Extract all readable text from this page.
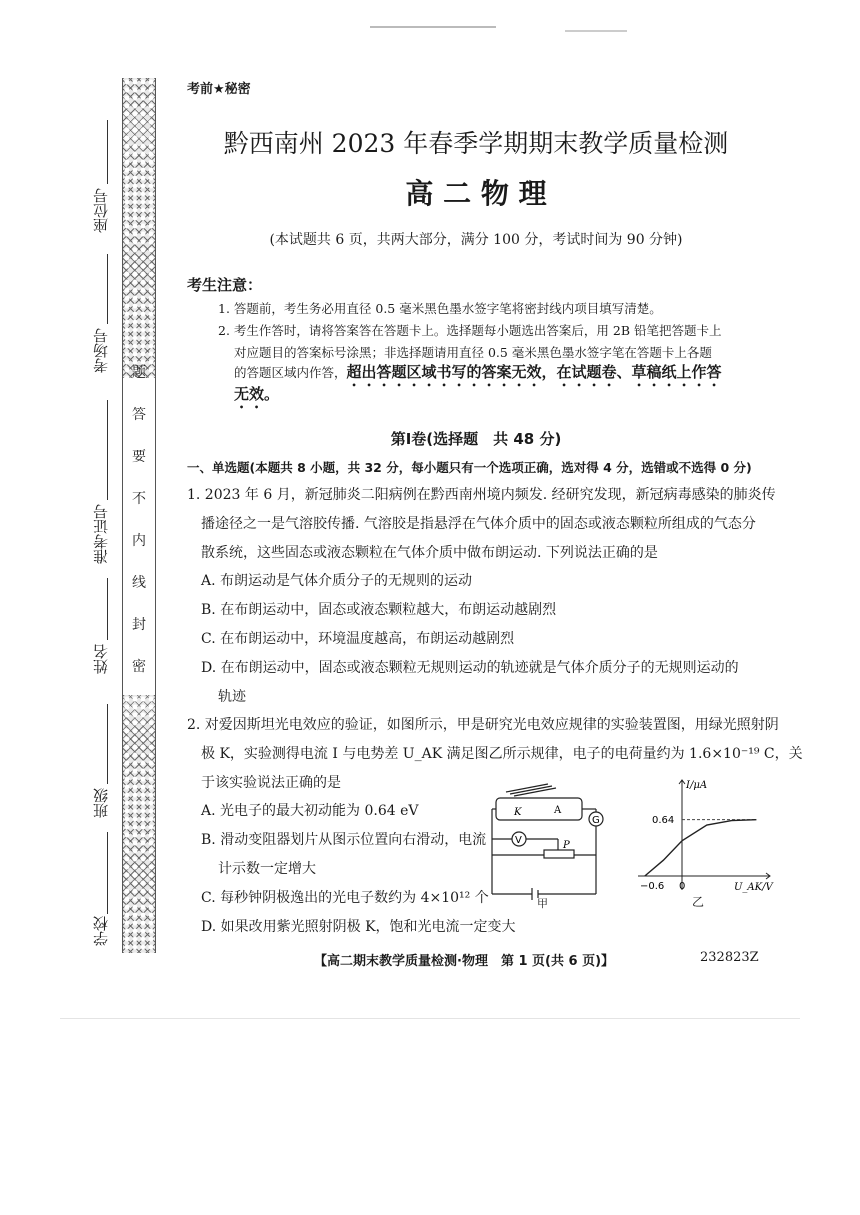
题
答
要
不
内
线
封
密
座位号
考场号
准考证号
姓名
班级
学校
考前★秘密
黔西南州 2023 年春季学期期末教学质量检测
高 二 物 理
(本试题共 6 页，共两大部分，满分 100 分，考试时间为 90 分钟)
考生注意：
1. 答题前，考生务必用直径 0.5 毫米黑色墨水签字笔将密封线内项目填写清楚。
2. 考生作答时，请将答案答在答题卡上。选择题每小题选出答案后，用 2B 铅笔把答题卡上
对应题目的答案标号涂黑；非选择题请用直径 0.5 毫米黑色墨水签字笔在答题卡上各题
的答题区域内作答，超出答题区域书写的答案无效，在试题卷、草稿纸上作答
无效。
第Ⅰ卷(选择题　共 48 分)
一、单选题(本题共 8 小题，共 32 分，每小题只有一个选项正确，选对得 4 分，选错或不选得 0 分)
1. 2023 年 6 月，新冠肺炎二阳病例在黔西南州境内频发. 经研究发现，新冠病毒感染的肺炎传
播途径之一是气溶胶传播. 气溶胶是指悬浮在气体介质中的固态或液态颗粒所组成的气态分
散系统，这些固态或液态颗粒在气体介质中做布朗运动. 下列说法正确的是
A. 布朗运动是气体介质分子的无规则的运动
B. 在布朗运动中，固态或液态颗粒越大，布朗运动越剧烈
C. 在布朗运动中，环境温度越高，布朗运动越剧烈
D. 在布朗运动中，固态或液态颗粒无规则运动的轨迹就是气体介质分子的无规则运动的
轨迹
2. 对爱因斯坦光电效应的验证，如图所示，甲是研究光电效应规律的实验装置图，用绿光照射阴
极 K，实验测得电流 I 与电势差 U_AK 满足图乙所示规律，电子的电荷量约为 1.6×10⁻¹⁹ C，关
于该实验说法正确的是
A. 光电子的最大初动能为 0.64 eV
B. 滑动变阻器划片从图示位置向右滑动，电流
计示数一定增大
C. 每秒钟阴极逸出的光电子数约为 4×10¹² 个
D. 如果改用紫光照射阴极 K，饱和光电流一定变大
K	A
G
V	P
甲
I/μA
U_AK/V
0.64
−0.6 0
乙
【高二期末教学质量检测·物理　第 1 页(共 6 页)】	232823Z
